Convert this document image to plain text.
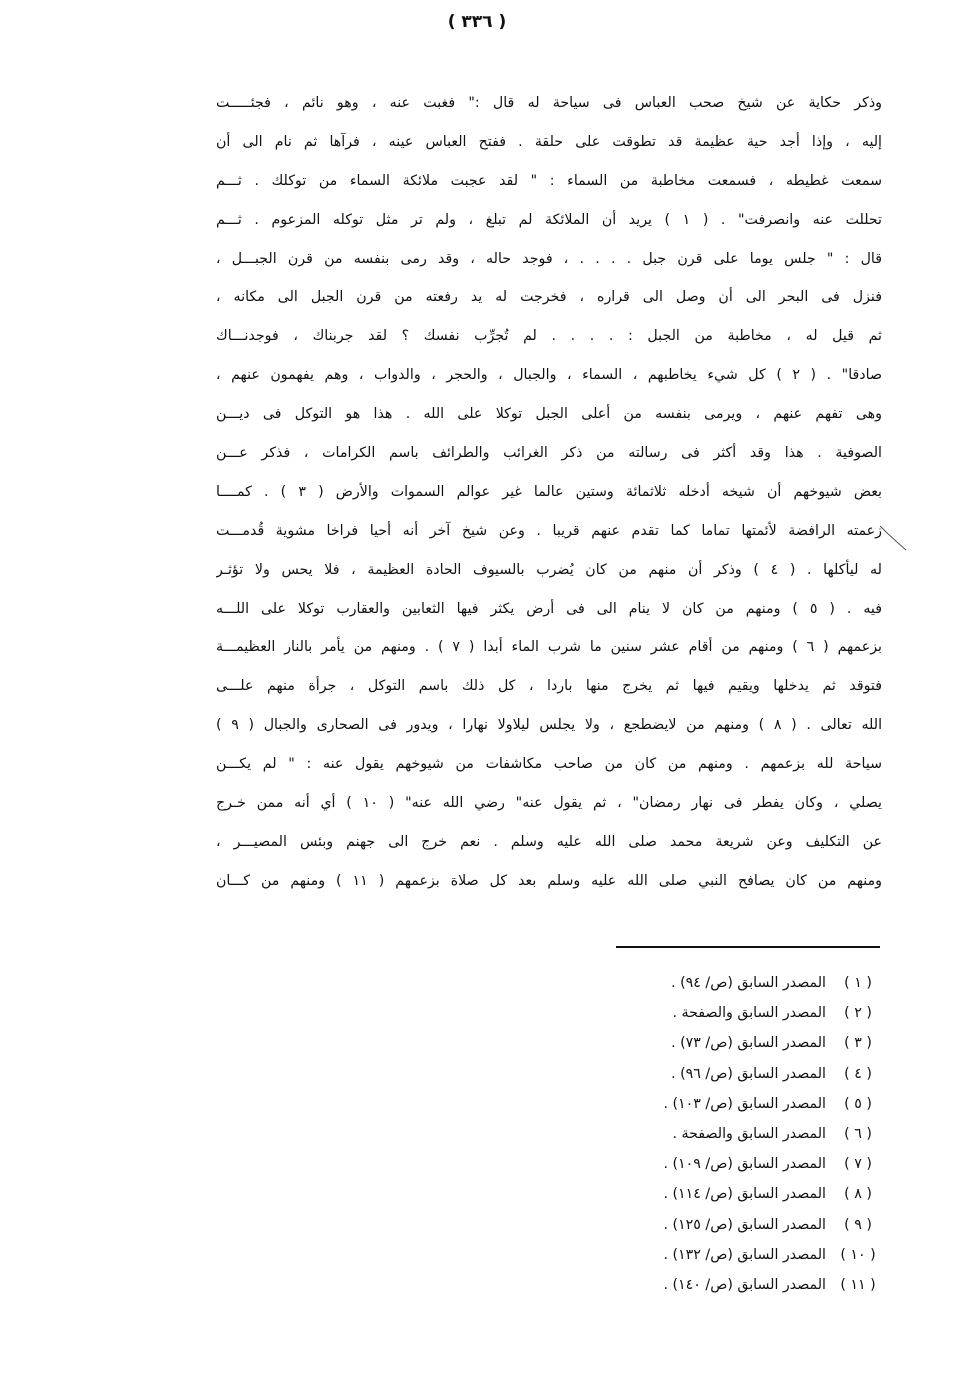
( ٣٣٦ )
وذكر حكاية عن شيخ صحب العباس فى سياحة له قال :" فغبت عنه ، وهو نائم ، فجئـــــت
إليه ، وإذا أجد حية عظيمة قد تطوقت على حلقة . ففتح العباس عينه ، فرآها ثم نام الى أن
سمعت غطيطه ، فسمعت مخاطبة من السماء : " لقد عجبت ملائكة السماء من توكلك . ثـــم
تحللت عنه وانصرفت" . ( ١ ) يريد أن الملائكة لم تبلغ ، ولم تر مثل توكله المزعوم . ثـــم
قال : " جلس يوما على قرن جبل . . . . ، فوجد حاله ، وقد رمى بنفسه من قرن الجبـــل ،
فنزل فى البحر الى أن وصل الى قراره ، فخرجت له يد رفعته من قرن الجبل الى مكانه ،
ثم قيل له ، مخاطبة من الجبل : . . . . لم تُجرِّب نفسك ؟ لقد جربناك ، فوجدنـــاك
صادقا" . ( ٢ ) كل شيء يخاطبهم ، السماء ، والجبال ، والحجر ، والدواب ، وهم يفهمون عنهم ،
وهى تفهم عنهم ، ويرمى بنفسه من أعلى الجبل توكلا على الله . هذا هو التوكل فى ديـــن
الصوفية . هذا وقد أكثر فى رسالته من ذكر الغرائب والطرائف باسم الكرامات ، فذكر عـــن
بعض شيوخهم أن شيخه أدخله ثلاثمائة وستين عالما غير عوالم السموات والأرض ( ٣ ) . كمــــا
زعمته الرافضة لأئمتها تماما كما تقدم عنهم قريبا . وعن شيخ آخر أنه أحيا فراخا مشوية قُدمـــت
له ليأكلها . ( ٤ ) وذكر أن منهم من كان يُضرب بالسيوف الحادة العظيمة ، فلا يحس ولا تؤثـر
فيه . ( ٥ ) ومنهم من كان لا ينام الى فى أرض يكثر فيها الثعابين والعقارب توكلا على اللـــه
بزعمهم ( ٦ ) ومنهم من أقام عشر سنين ما شرب الماء أبدا ( ٧ ) . ومنهم من يأمر بالنار العظيمـــة
فتوقد ثم يدخلها ويقيم فيها ثم يخرج منها باردا ، كل ذلك باسم التوكل ، جرأة منهم علـــى
الله تعالى . ( ٨ ) ومنهم من لايضطجع ، ولا يجلس ليلاولا نهارا ، ويدور فى الصحارى والجبال ( ٩ )
سياحة لله بزعمهم . ومنهم من كان من صاحب مكاشفات من شيوخهم يقول عنه : " لم يكـــن
يصلي ، وكان يفطر فى نهار رمضان" ، ثم يقول عنه" رضي الله عنه" ( ١٠ ) أي أنه ممن خـرج
عن التكليف وعن شريعة محمد صلى الله عليه وسلم . نعم خرج الى جهنم وبئس المصيـــر ،
ومنهم من كان يصافح النبي صلى الله عليه وسلم بعد كل صلاة بزعمهم ( ١١ ) ومنهم من كـــان
( ١ )
المصدر السابق (ص/ ٩٤) .
( ٢ )
المصدر السابق والصفحة .
( ٣ )
المصدر السابق (ص/ ٧٣) .
( ٤ )
المصدر السابق (ص/ ٩٦) .
( ٥ )
المصدر السابق (ص/ ١٠٣) .
( ٦ )
المصدر السابق والصفحة .
( ٧ )
المصدر السابق (ص/ ١٠٩) .
( ٨ )
المصدر السابق (ص/ ١١٤) .
( ٩ )
المصدر السابق (ص/ ١٢٥) .
( ١٠ )
المصدر السابق (ص/ ١٣٢) .
( ١١ )
المصدر السابق (ص/ ١٤٠) .
